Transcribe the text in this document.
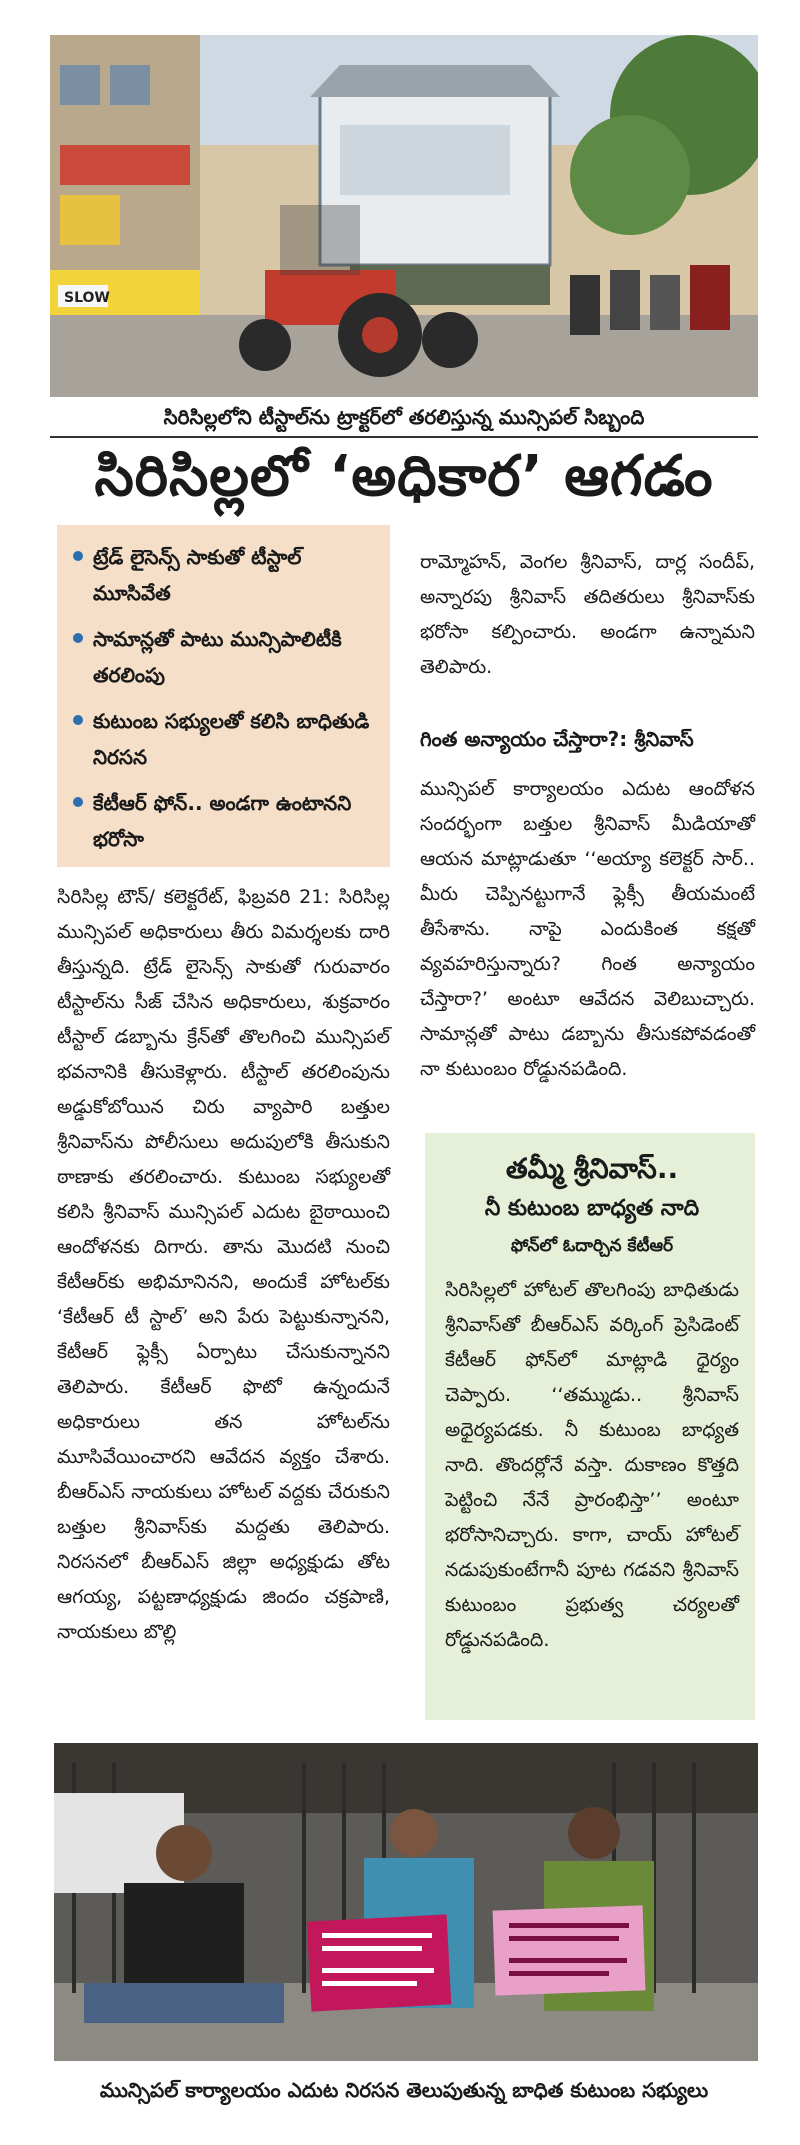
SLOW
సిరిసిల్లలోని టీస్టాల్‌ను ట్రాక్టర్‌లో తరలిస్తున్న మున్సిపల్ సిబ్బంది
సిరిసిల్లలో ‘అధికార’ ఆగడం
ట్రేడ్ లైసెన్స్ సాకుతో టీస్టాల్ మూసివేత
సామాన్లతో పాటు మున్సిపాలిటీకి తరలింపు
కుటుంబ సభ్యులతో కలిసి బాధితుడి నిరసన
కేటీఆర్ ఫోన్.. అండగా ఉంటానని భరోసా
సిరిసిల్ల టౌన్/ కలెక్టరేట్, ఫిబ్రవరి 21: సిరిసిల్ల మున్సిపల్ అధికారులు తీరు విమర్శలకు దారి తీస్తున్నది. ట్రేడ్ లైసెన్స్ సాకుతో గురువారం టీస్టాల్‌ను సీజ్ చేసిన అధికారులు, శుక్రవారం టీస్టాల్ డబ్బాను క్రేన్‌తో తొలగించి మున్సిపల్ భవనానికి తీసుకెళ్లారు. టీస్టాల్ తరలింపును అడ్డుకోబోయిన చిరు వ్యాపారి బత్తుల శ్రీనివాస్‌ను పోలీసులు అదుపులోకి తీసుకుని ఠాణాకు తరలించారు. కుటుంబ సభ్యులతో కలిసి శ్రీనివాస్ మున్సిపల్ ఎదుట బైఠాయించి ఆందోళనకు దిగారు. తాను మొదటి నుంచి కేటీఆర్‌కు అభిమానినని, అందుకే హోటల్‌కు ‘కేటీఆర్ టీ స్టాల్’ అని పేరు పెట్టుకున్నానని, కేటీఆర్ ఫ్లెక్సీ ఏర్పాటు చేసుకున్నానని తెలిపారు. కేటీఆర్ ఫొటో ఉన్నందునే అధికారులు తన హోటల్‌ను మూసివేయించారని ఆవేదన వ్యక్తం చేశారు. బీఆర్ఎస్ నాయకులు హోటల్ వద్దకు చేరుకుని బత్తుల శ్రీనివాస్‌కు మద్దతు తెలిపారు. నిరసనలో బీఆర్ఎస్ జిల్లా అధ్యక్షుడు తోట ఆగయ్య, పట్టణాధ్యక్షుడు జిందం చక్రపాణి, నాయకులు బొల్లి
రామ్మోహన్, వెంగల శ్రీనివాస్, దార్ల సందీప్, అన్నారపు శ్రీనివాస్ తదితరులు శ్రీనివాస్‌కు భరోసా కల్పించారు. అండగా ఉన్నామని తెలిపారు.
గింత అన్యాయం చేస్తారా?: శ్రీనివాస్
మున్సిపల్ కార్యాలయం ఎదుట ఆందోళన సందర్భంగా బత్తుల శ్రీనివాస్ మీడియాతో ఆయన మాట్లాడుతూ ‘‘అయ్యా కలెక్టర్ సార్.. మీరు చెప్పినట్టుగానే ఫ్లెక్సీ తీయమంటే తీసేశాను. నాపై ఎందుకింత కక్షతో వ్యవహరిస్తున్నారు? గింత అన్యాయం చేస్తారా?’ అంటూ ఆవేదన వెలిబుచ్చారు. సామాన్లతో పాటు డబ్బాను తీసుకపోవడంతో నా కుటుంబం రోడ్డునపడింది.
తమ్మీ శ్రీనివాస్..
నీ కుటుంబ బాధ్యత నాది
ఫోన్‌లో ఓదార్చిన కేటీఆర్
సిరిసిల్లలో హోటల్ తొలగింపు బాధితుడు శ్రీనివాస్‌తో బీఆర్ఎస్ వర్కింగ్ ప్రెసిడెంట్ కేటీఆర్ ఫోన్‌లో మాట్లాడి ధైర్యం చెప్పారు. ‘‘తమ్ముడు.. శ్రీనివాస్ అధైర్యపడకు. నీ కుటుంబ బాధ్యత నాది. తొందర్లోనే వస్తా. దుకాణం కొత్తది పెట్టించి నేనే ప్రారంభిస్తా’’ అంటూ భరోసానిచ్చారు. కాగా, చాయ్ హోటల్ నడుపుకుంటేగానీ పూట గడవని శ్రీనివాస్ కుటుంబం ప్రభుత్వ చర్యలతో రోడ్డునపడింది.
మున్సిపల్ కార్యాలయం ఎదుట నిరసన తెలుపుతున్న బాధిత కుటుంబ సభ్యులు
